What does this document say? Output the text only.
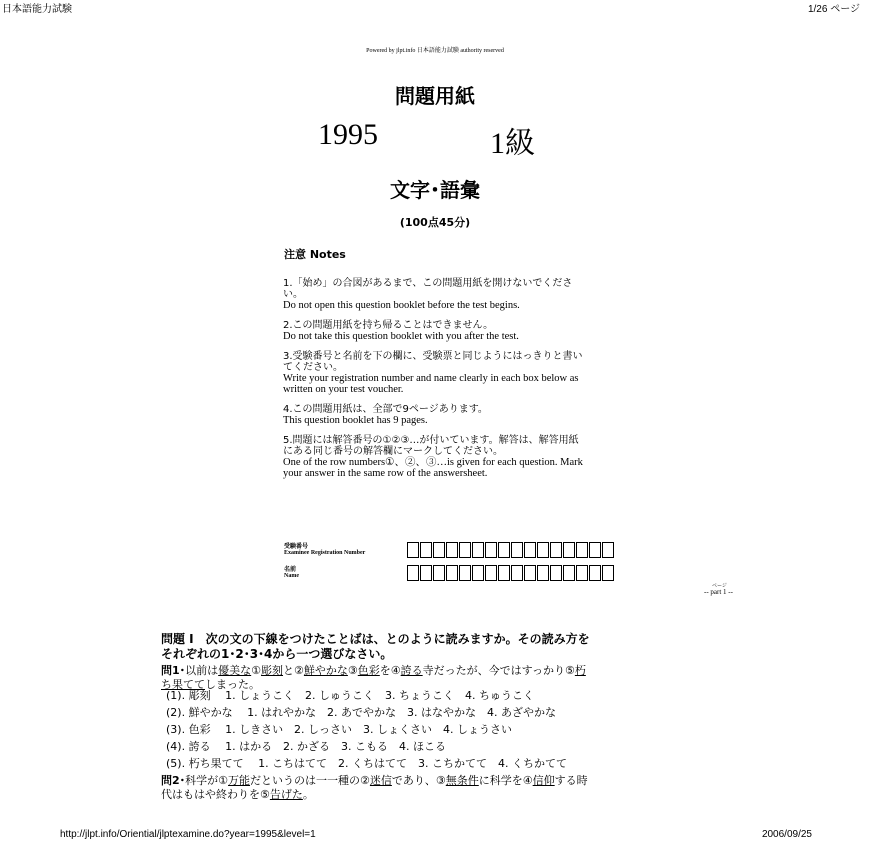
日本語能力試験	1/26 ページ
Powered by jlpt.info 日本語能力試験 authority reserved
問題用紙
1995	1級
文字･語彙
(100点45分)
注意 Notes

1.「始め」の合図があるまで、この問題用紙を開けないでください。
Do not open this question booklet before the test begins.

2.この問題用紙を持ち帰ることはできません。
Do not take this question booklet with you after the test.

3.受験番号と名前を下の欄に、受験票と同じようにはっきりと書いてください。
Write your registration number and name clearly in each box below as written on your test voucher.

4.この問題用紙は、全部で9ページあります。
This question booklet has 9 pages.

5.問題には解答番号の①②③…が付いています。解答は、解答用紙にある同じ番号の解答欄にマークしてください。
One of the row numbers①、②、③…is given for each question. Mark your answer in the same row of the answersheet.

受験番号
Examinee Registration Number
名前
Name
ページ
-- part 1 --
問題 I　次の文の下線をつけたことばは、とのように読みますか。その読み方を
それぞれの1･2･3･4から一つ選びなさい。
問1･以前は優美な①彫刻と②鮮やかな③色彩を④誇る寺だったが、今ではすっかり⑤朽
ち果ててしまった。
(1). 彫刻　 1. しょうこく　2. しゅうこく　3. ちょうこく　4. ちゅうこく
(2). 鮮やかな　 1. はれやかな　2. あでやかな　3. はなやかな　4. あざやかな
(3). 色彩　 1. しきさい　2. しっさい　3. しょくさい　4. しょうさい
(4). 誇る　 1. はかる　2. かざる　3. こもる　4. ほこる
(5). 朽ち果てて　 1. こちはてて　2. くちはてて　3. こちかてて　4. くちかてて
問2･科学が①万能だというのは一一種の②迷信であり、③無条件に科学を④信仰する時
代はもはや終わりを⑤告げた。
http://jlpt.info/Oriential/jlptexamine.do?year=1995&level=1	2006/09/25
